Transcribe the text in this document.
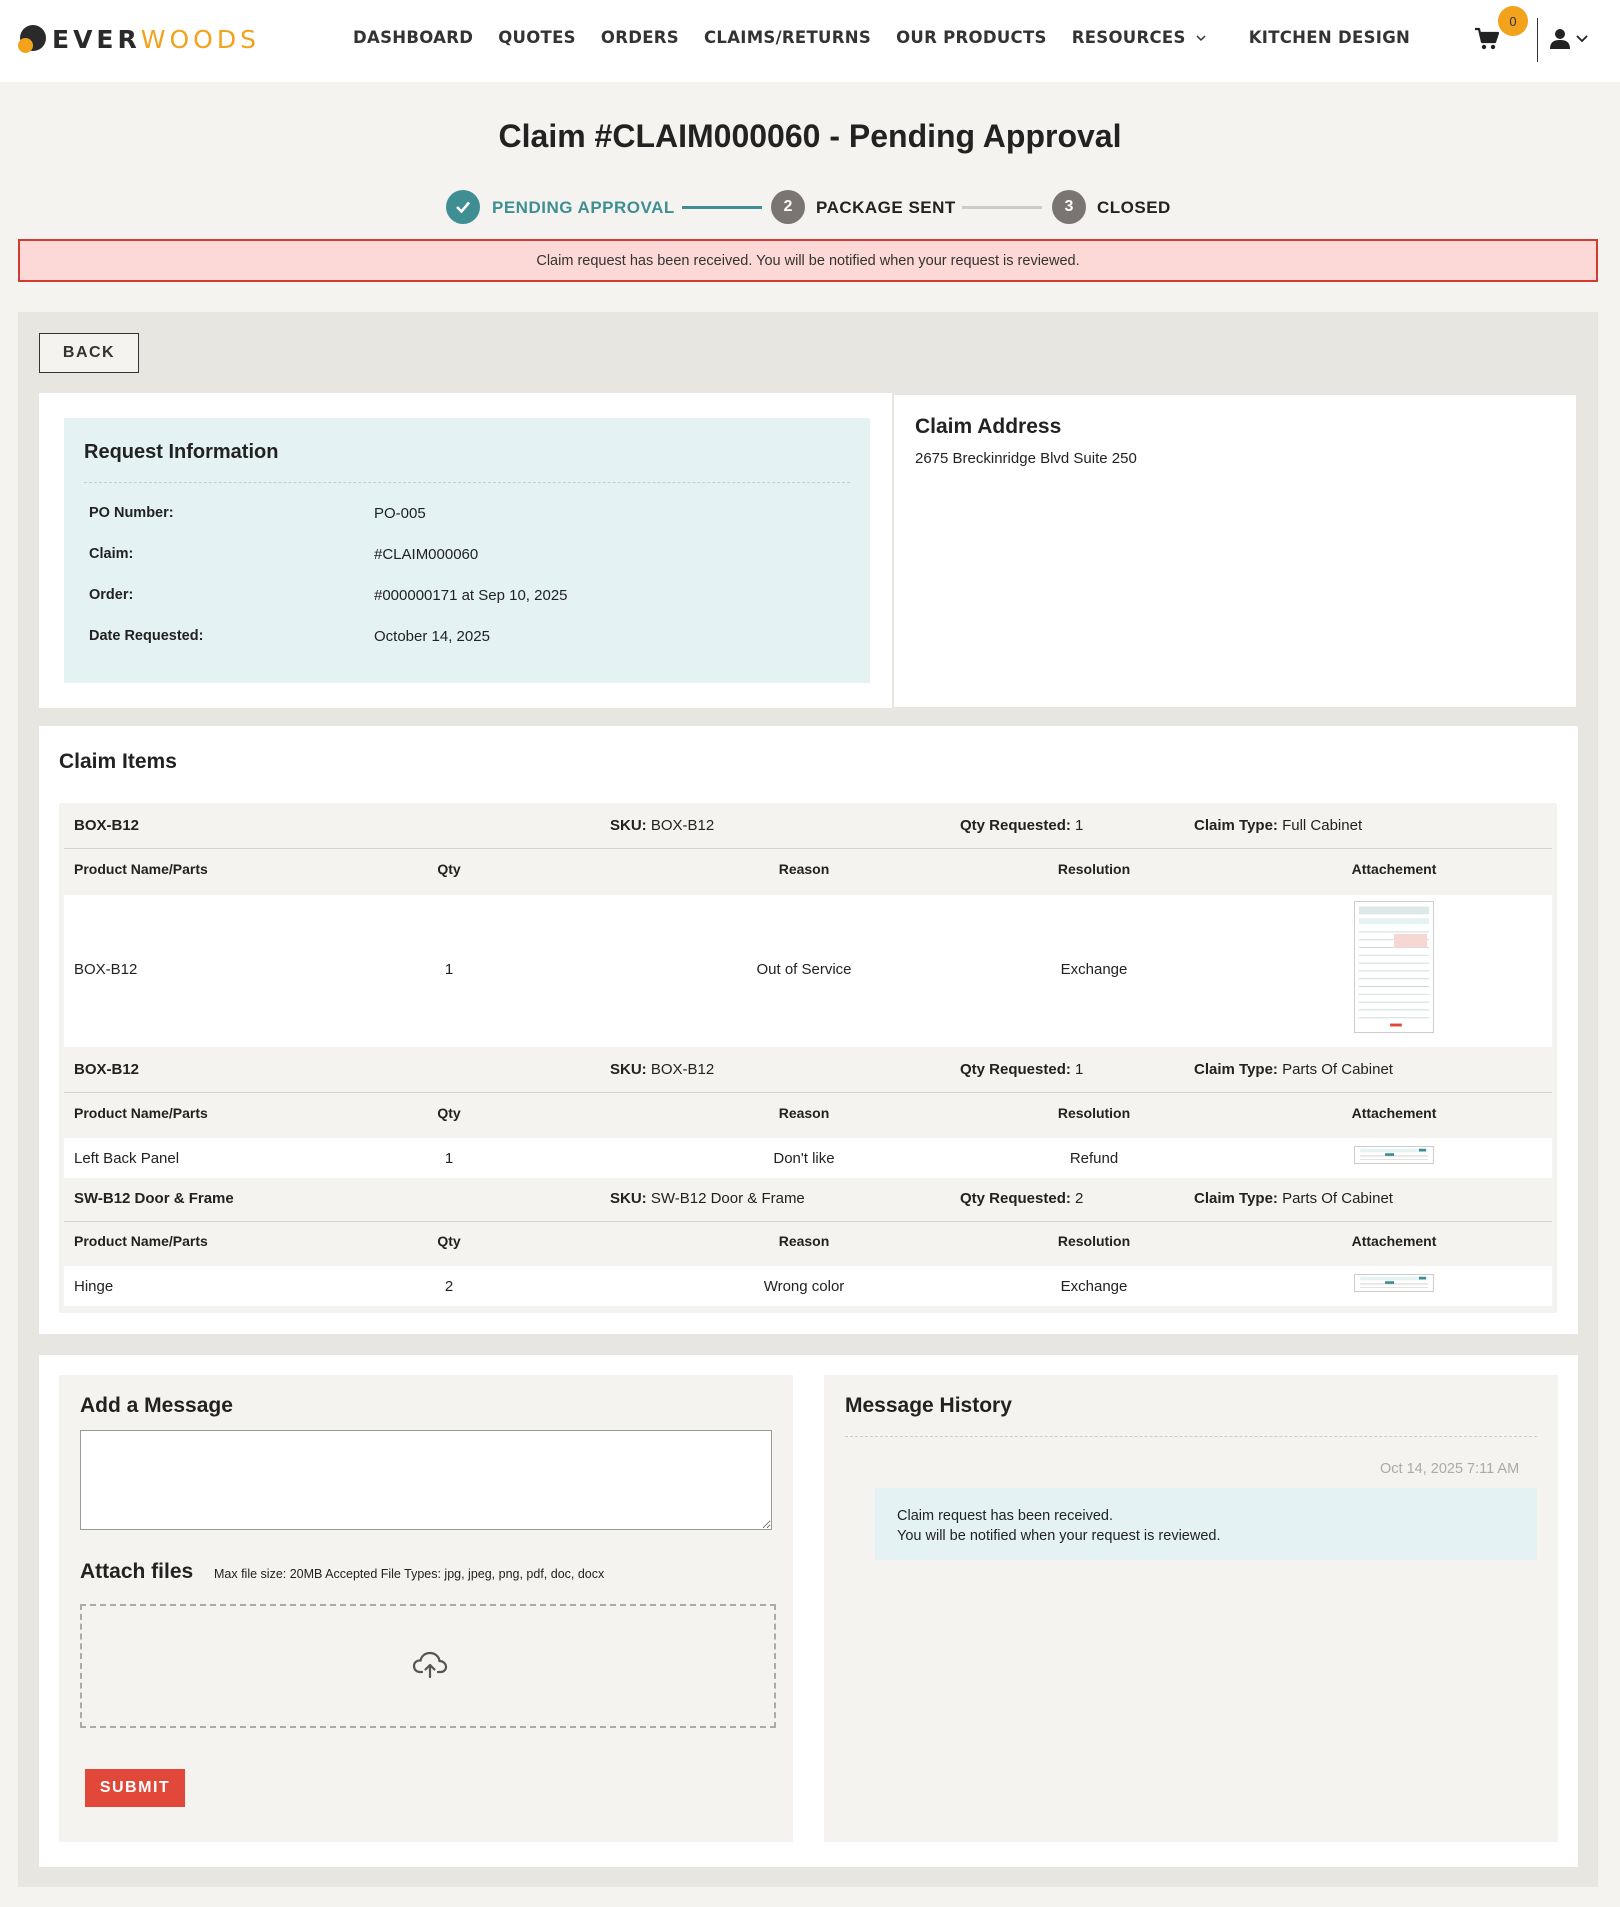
EVERWOODS	DASHBOARD QUOTES ORDERS CLAIMS/RETURNS OUR PRODUCTS RESOURCES	KITCHEN DESIGN
0
Claim #CLAIM000060 - Pending Approval
PENDING APPROVAL	2	PACKAGE SENT	3	CLOSED
Claim request has been received. You will be notified when your request is reviewed.
BACK
Request Information
PO Number:	PO-005
Claim:	#CLAIM000060
Order:	#000000171 at Sep 10, 2025
Date Requested:	October 14, 2025
Claim Address
2675 Breckinridge Blvd Suite 250
Claim Items
BOX-B12	SKU: BOX-B12	Qty Requested: 1	Claim Type: Full Cabinet
Product Name/Parts	Qty	Reason	Resolution	Attachement
BOX-B12	1	Out of Service	Exchange
BOX-B12	SKU: BOX-B12	Qty Requested: 1	Claim Type: Parts Of Cabinet
Product Name/Parts	Qty	Reason	Resolution	Attachement
Left Back Panel	1	Don't like	Refund
SW-B12 Door & Frame	SKU: SW-B12 Door & Frame	Qty Requested: 2	Claim Type: Parts Of Cabinet
Product Name/Parts	Qty	Reason	Resolution	Attachement
Hinge	2	Wrong color	Exchange
Add a Message
Attach files Max file size: 20MB Accepted File Types: jpg, jpeg, png, pdf, doc, docx
SUBMIT
Message History
Oct 14, 2025 7:11 AM
Claim request has been received.
You will be notified when your request is reviewed.
